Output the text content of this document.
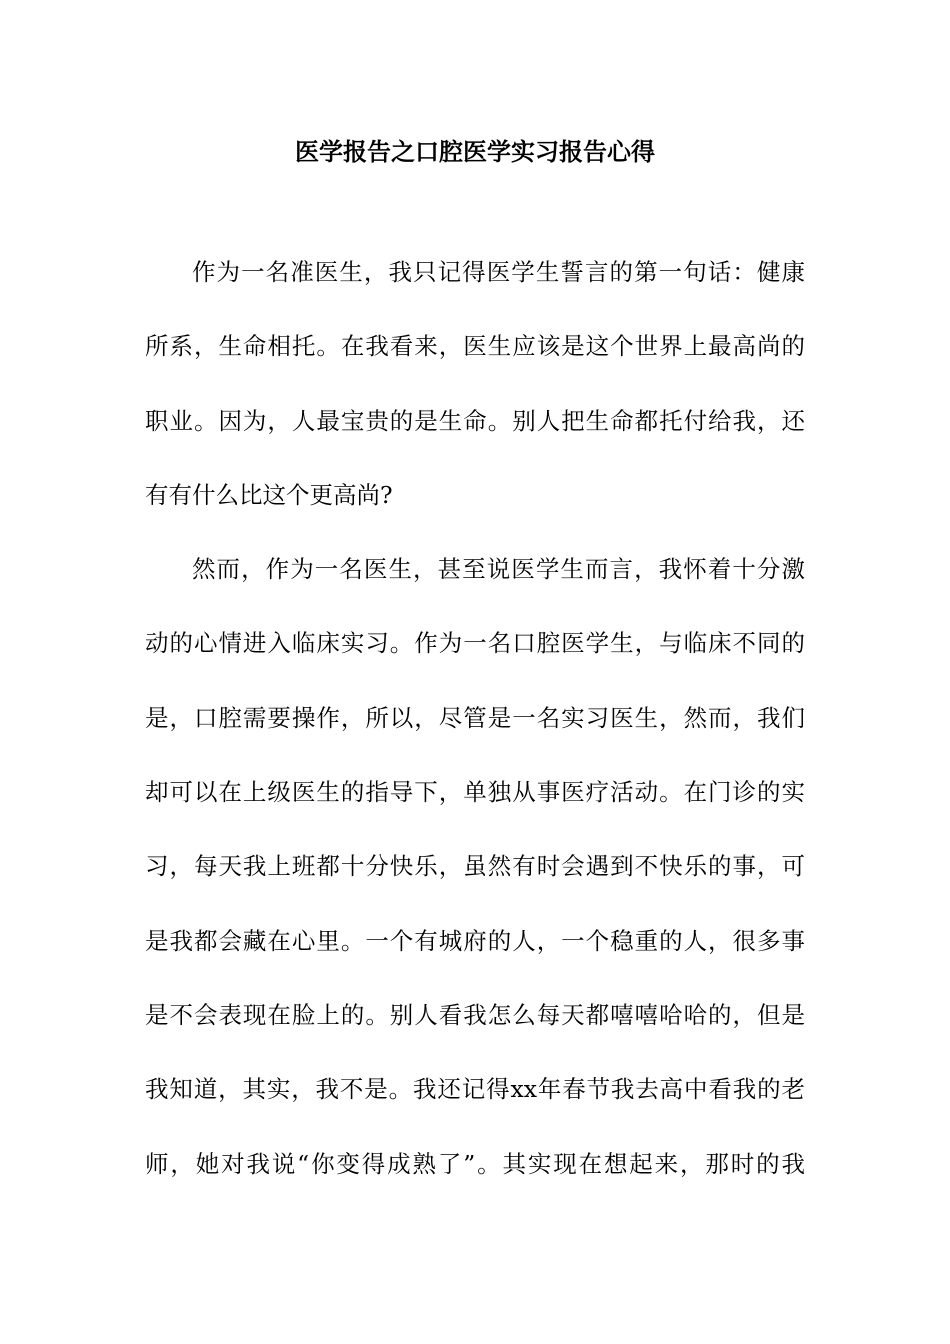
医学报告之口腔医学实习报告心得
作为一名准医生，我只记得医学生誓言的第一句话：健康
所系，生命相托。在我看来，医生应该是这个世界上最高尚的
职业。因为，人最宝贵的是生命。别人把生命都托付给我，还
有有什么比这个更高尚?
然而，作为一名医生，甚至说医学生而言，我怀着十分激
动的心情进入临床实习。作为一名口腔医学生，与临床不同的
是，口腔需要操作，所以，尽管是一名实习医生，然而，我们
却可以在上级医生的指导下，单独从事医疗活动。在门诊的实
习，每天我上班都十分快乐，虽然有时会遇到不快乐的事，可
是我都会藏在心里。一个有城府的人，一个稳重的人，很多事
是不会表现在脸上的。别人看我怎么每天都嘻嘻哈哈的，但是
我知道，其实，我不是。我还记得xx年春节我去高中看我的老
师，她对我说“你变得成熟了”。其实现在想起来，那时的我
